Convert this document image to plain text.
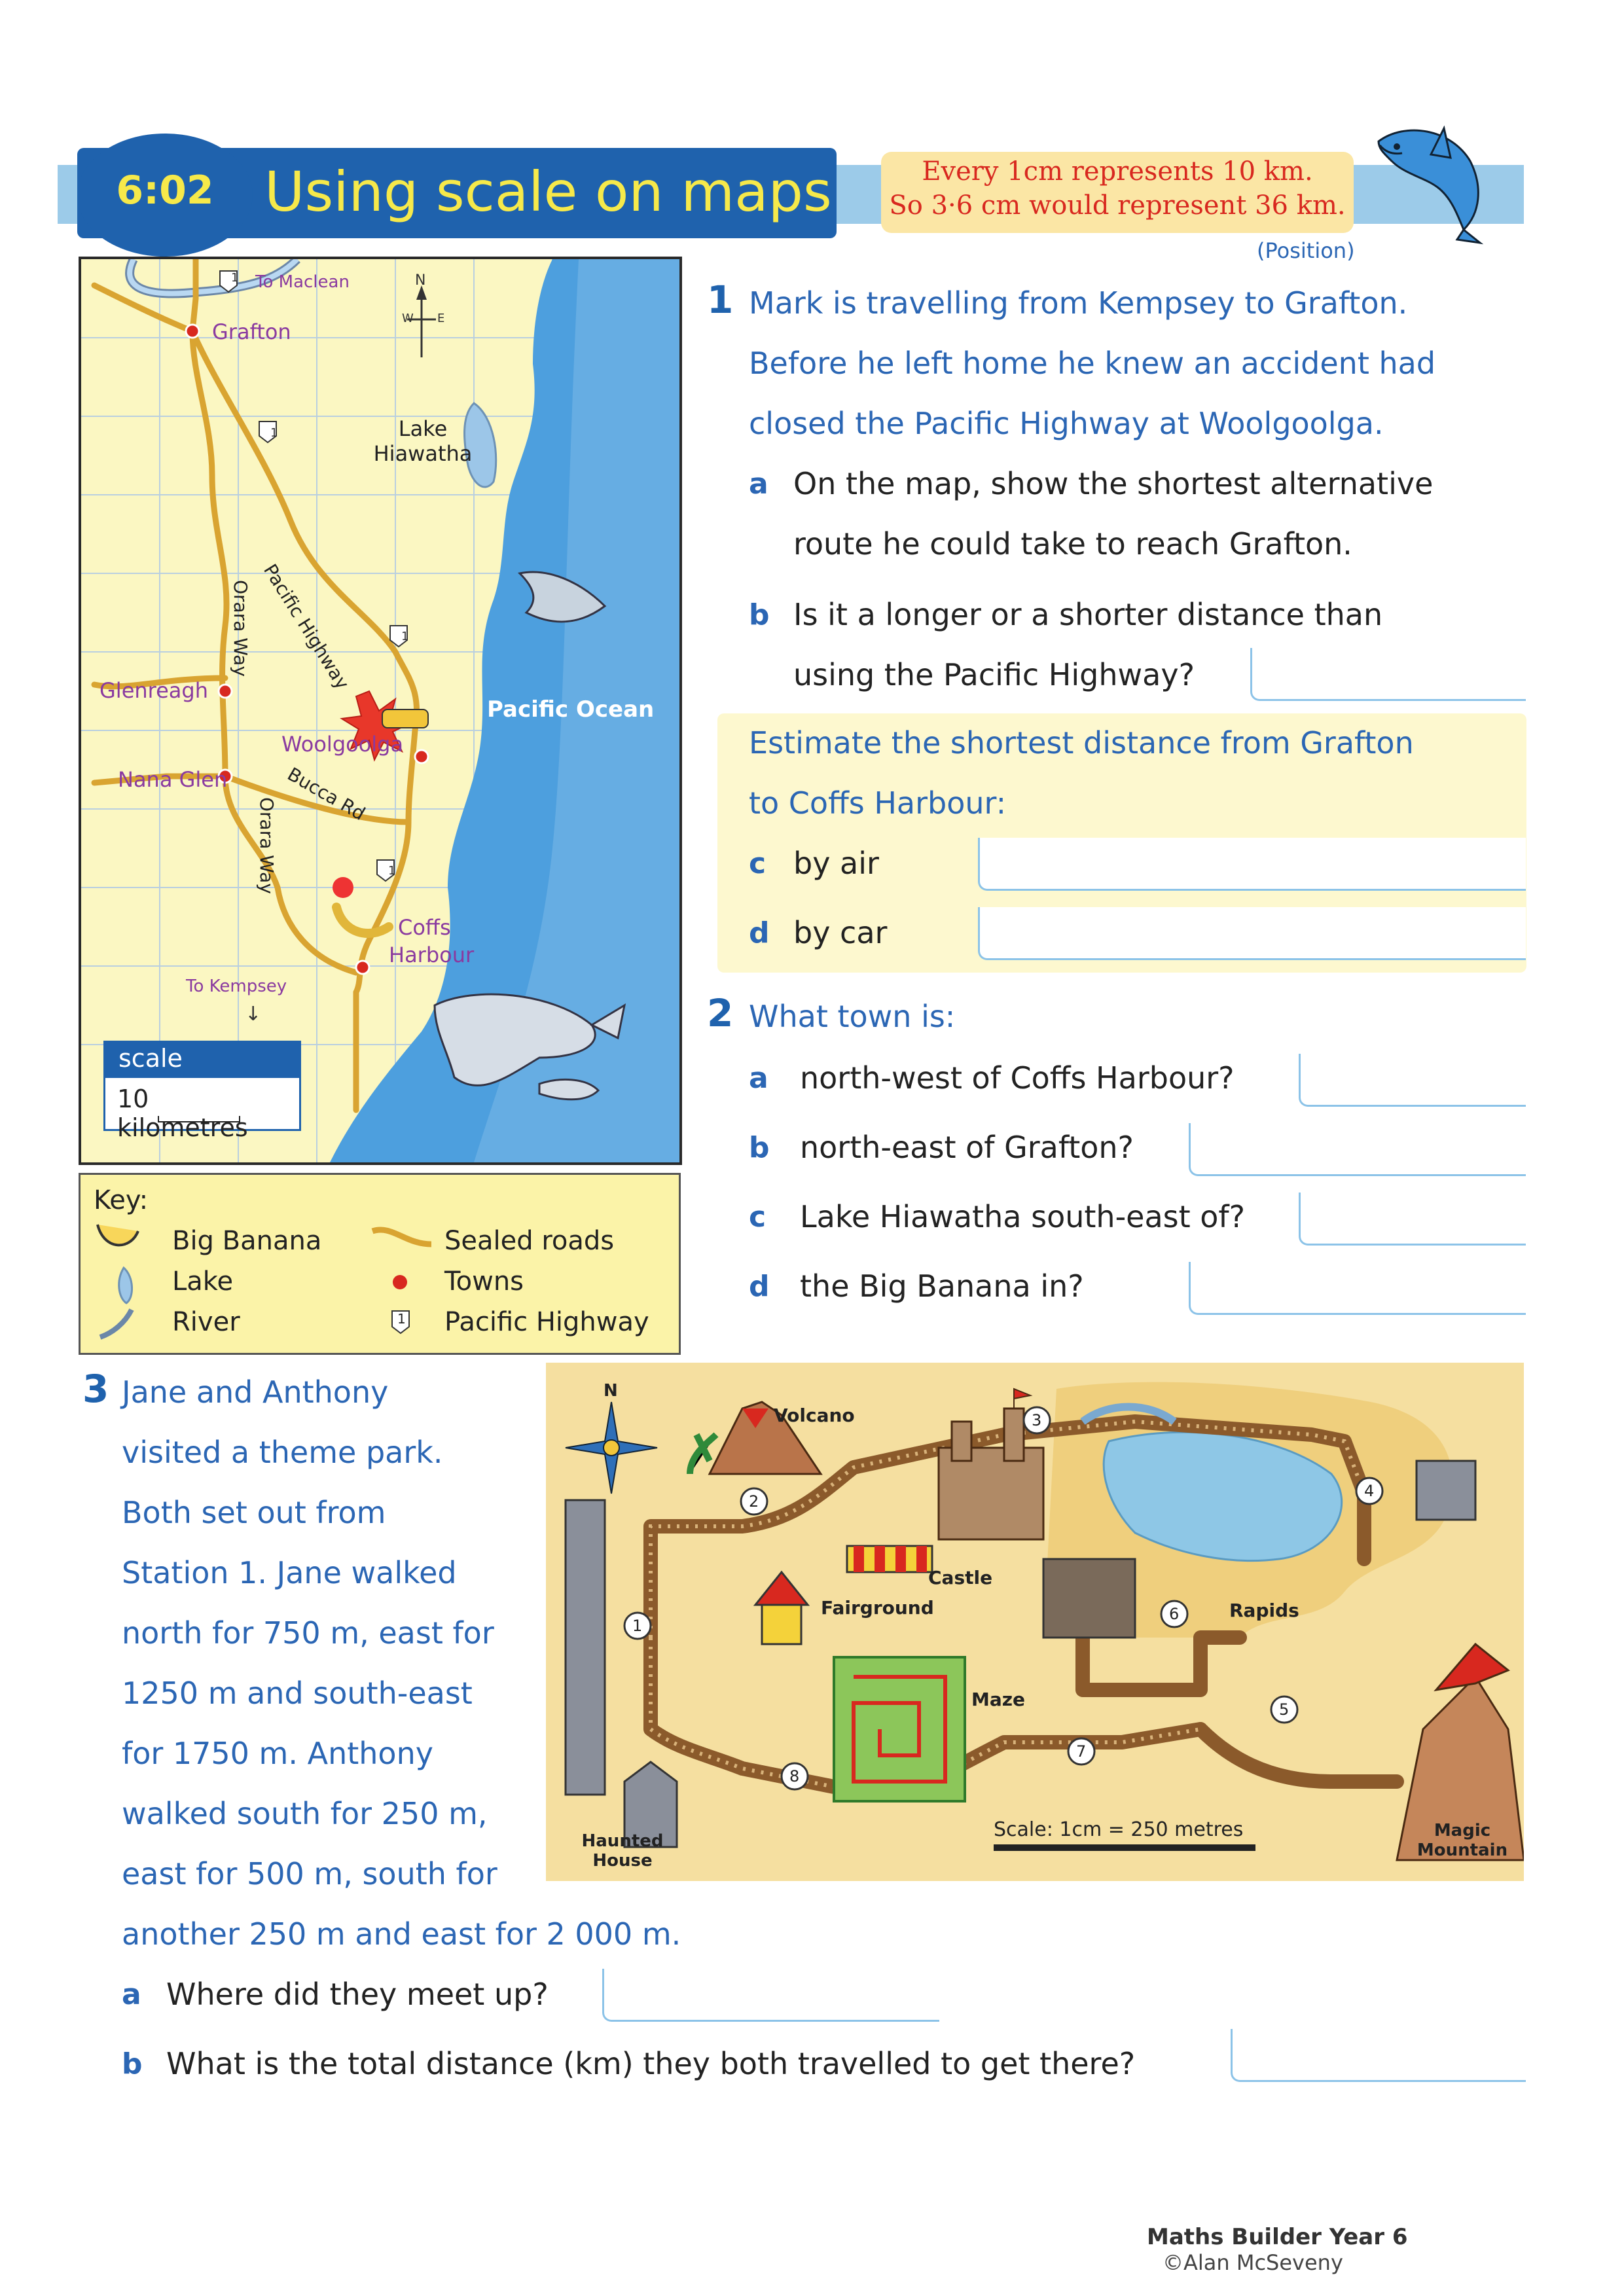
6:02 Using scale on maps	Every 1cm represents 10 km.
So 3·6 cm would represent 36 km.
(Position)
To Maclean
1
1
1
1
N
W E
Grafton
Lake
Hiawatha
Pacific Highway
Orara Way
Glenreagh
Pacific Ocean
Woolgoolga
Nana Glen	Bucca Rd
Orara Way
Coffs
Harbour
To Kempsey
↓
scale
10 kilometres
Key:
Big Banana
Lake
River	1
Sealed roads
Towns
Pacific Highway
1 Mark is travelling from Kempsey to Grafton.
Before he left home he knew an accident had
closed the Pacific Highway at Woolgoolga.
a On the map, show the shortest alternative
route he could take to reach Grafton.
b Is it a longer or a shorter distance than
using the Pacific Highway?
Estimate the shortest distance from Grafton
to Coffs Harbour:
c by air
d by car
2 What town is:
a north-west of Coffs Harbour?
b north-east of Grafton?
c Lake Hiawatha south-east of?
d the Big Banana in?
3 Jane and Anthony
visited a theme park.
Both set out from
Station 1. Jane walked
north for 750 m, east for
1250 m and south-east
for 1750 m. Anthony
walked south for 250 m,
east for 500 m, south for
another 250 m and east for 2 000 m.
N
Volcano
Castle
Fairground	Rapids
Maze
Haunted
House
Magic
Mountain
Scale: 1cm = 250 metres
1
2
3
4
5
6
7
8
a Where did they meet up?
b What is the total distance (km) they both travelled to get there?
Maths Builder Year 6
©Alan McSeveny
